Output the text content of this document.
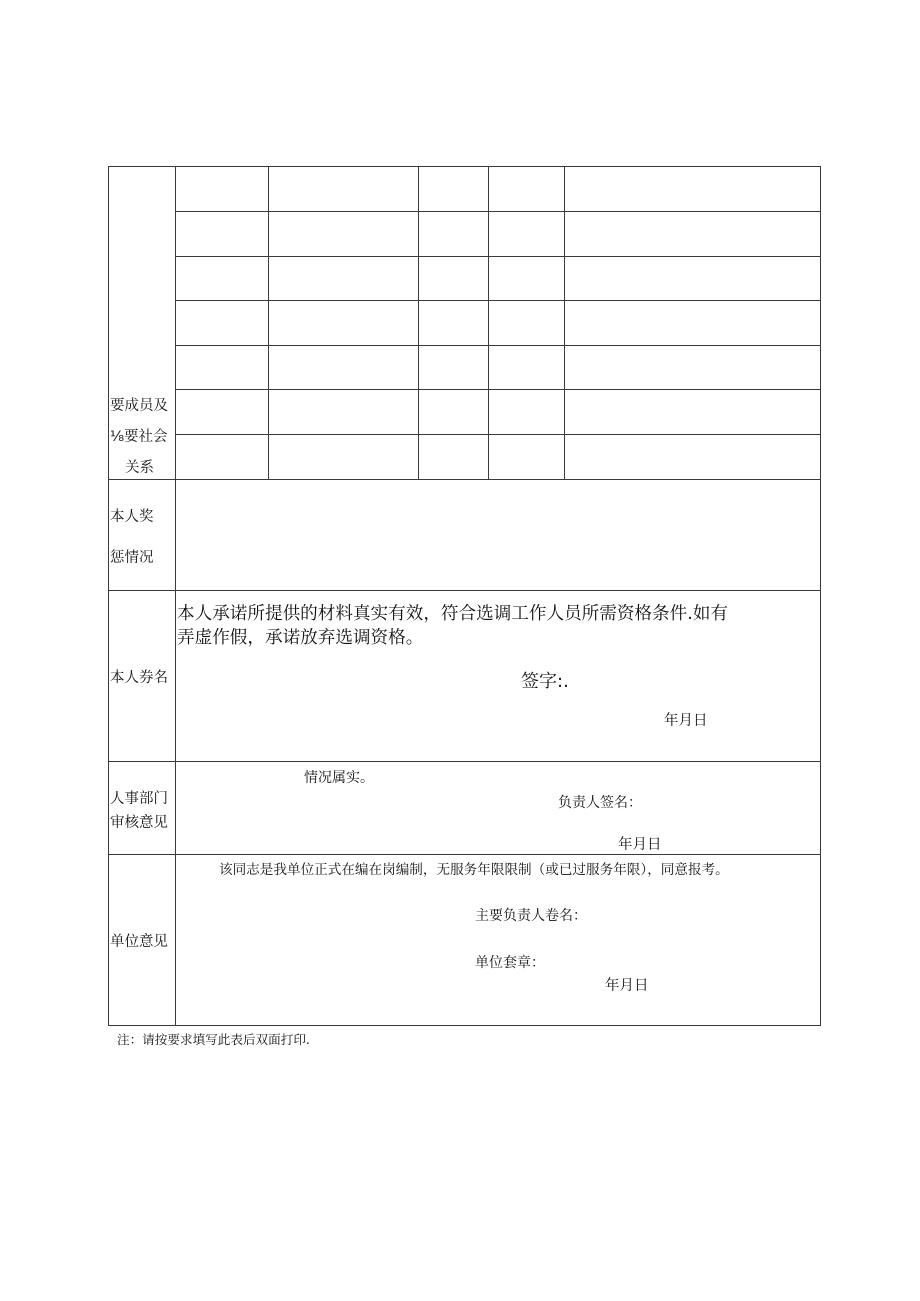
要成员及
⅛要社会
关系
本人奖
惩情况
本人券名
本人承诺所提供的材料真实有效，符合选调工作人员所需资格条件.如有
弄虚作假，承诺放弃选调资格。
签字:.
年月日
人事部门
审核意见
情况属实。
负责人签名：
年月日
单位意见
该同志是我单位正式在编在岗编制，无服务年限限制（或已过服务年限），同意报考。
主要负责人卷名：
单位套章：
年月日
注：请按要求填写此表后双面打印.
